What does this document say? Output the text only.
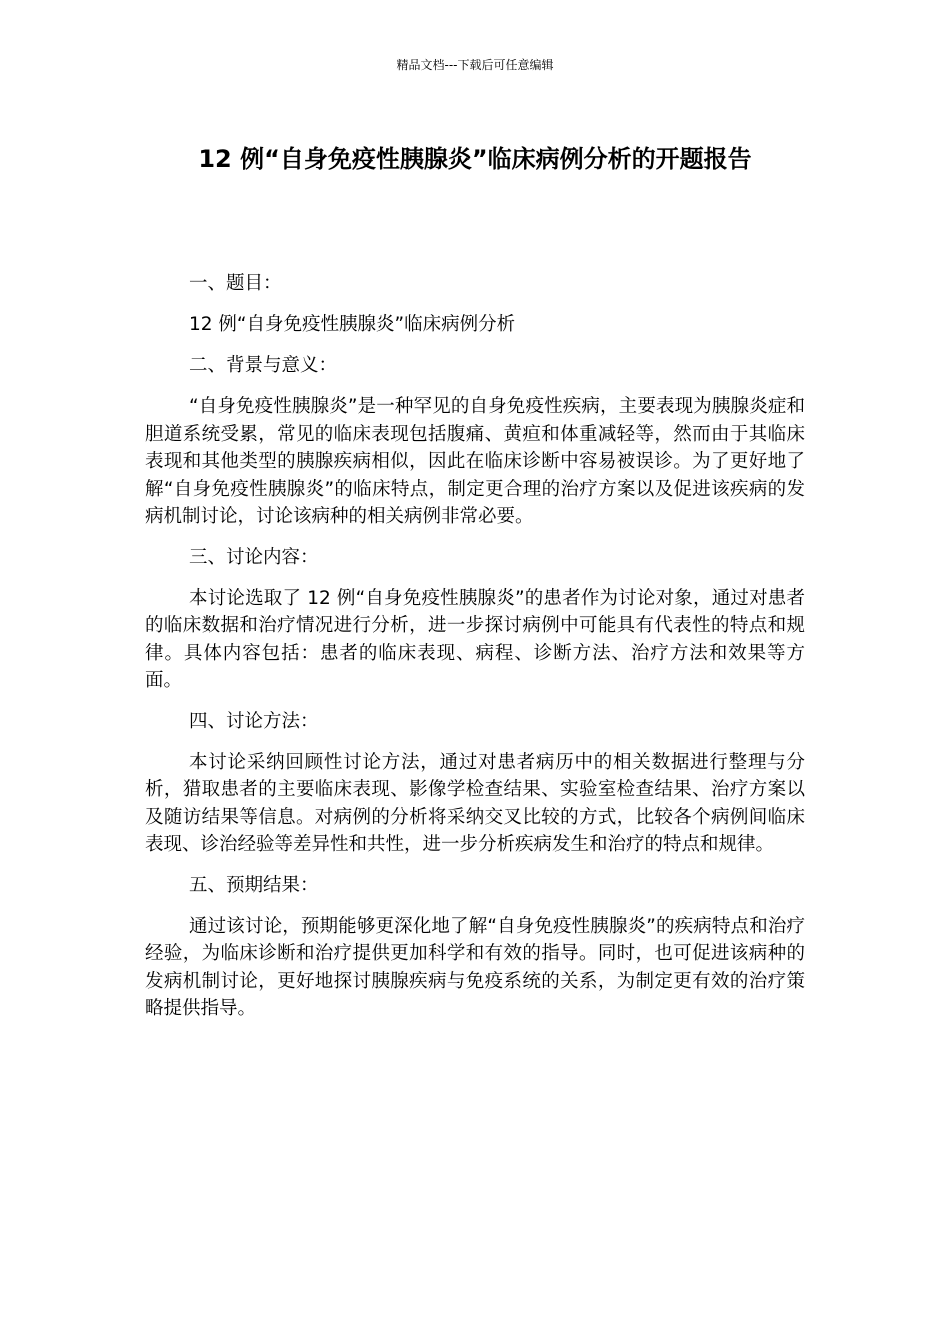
精品文档---下载后可任意编辑
12 例“自身免疫性胰腺炎”临床病例分析的开题报告

一、题目：

12 例“自身免疫性胰腺炎”临床病例分析

二、背景与意义：

“自身免疫性胰腺炎”是一种罕见的自身免疫性疾病，主要表现为胰腺炎症和胆道系统受累，常见的临床表现包括腹痛、黄疸和体重减轻等，然而由于其临床表现和其他类型的胰腺疾病相似，因此在临床诊断中容易被误诊。为了更好地了解“自身免疫性胰腺炎”的临床特点，制定更合理的治疗方案以及促进该疾病的发病机制讨论，讨论该病种的相关病例非常必要。

三、讨论内容：

本讨论选取了 12 例“自身免疫性胰腺炎”的患者作为讨论对象，通过对患者的临床数据和治疗情况进行分析，进一步探讨病例中可能具有代表性的特点和规律。具体内容包括：患者的临床表现、病程、诊断方法、治疗方法和效果等方面。

四、讨论方法：

本讨论采纳回顾性讨论方法，通过对患者病历中的相关数据进行整理与分析，猎取患者的主要临床表现、影像学检查结果、实验室检查结果、治疗方案以及随访结果等信息。对病例的分析将采纳交叉比较的方式，比较各个病例间临床表现、诊治经验等差异性和共性，进一步分析疾病发生和治疗的特点和规律。

五、预期结果：

通过该讨论，预期能够更深化地了解“自身免疫性胰腺炎”的疾病特点和治疗经验，为临床诊断和治疗提供更加科学和有效的指导。同时，也可促进该病种的发病机制讨论，更好地探讨胰腺疾病与免疫系统的关系，为制定更有效的治疗策略提供指导。
